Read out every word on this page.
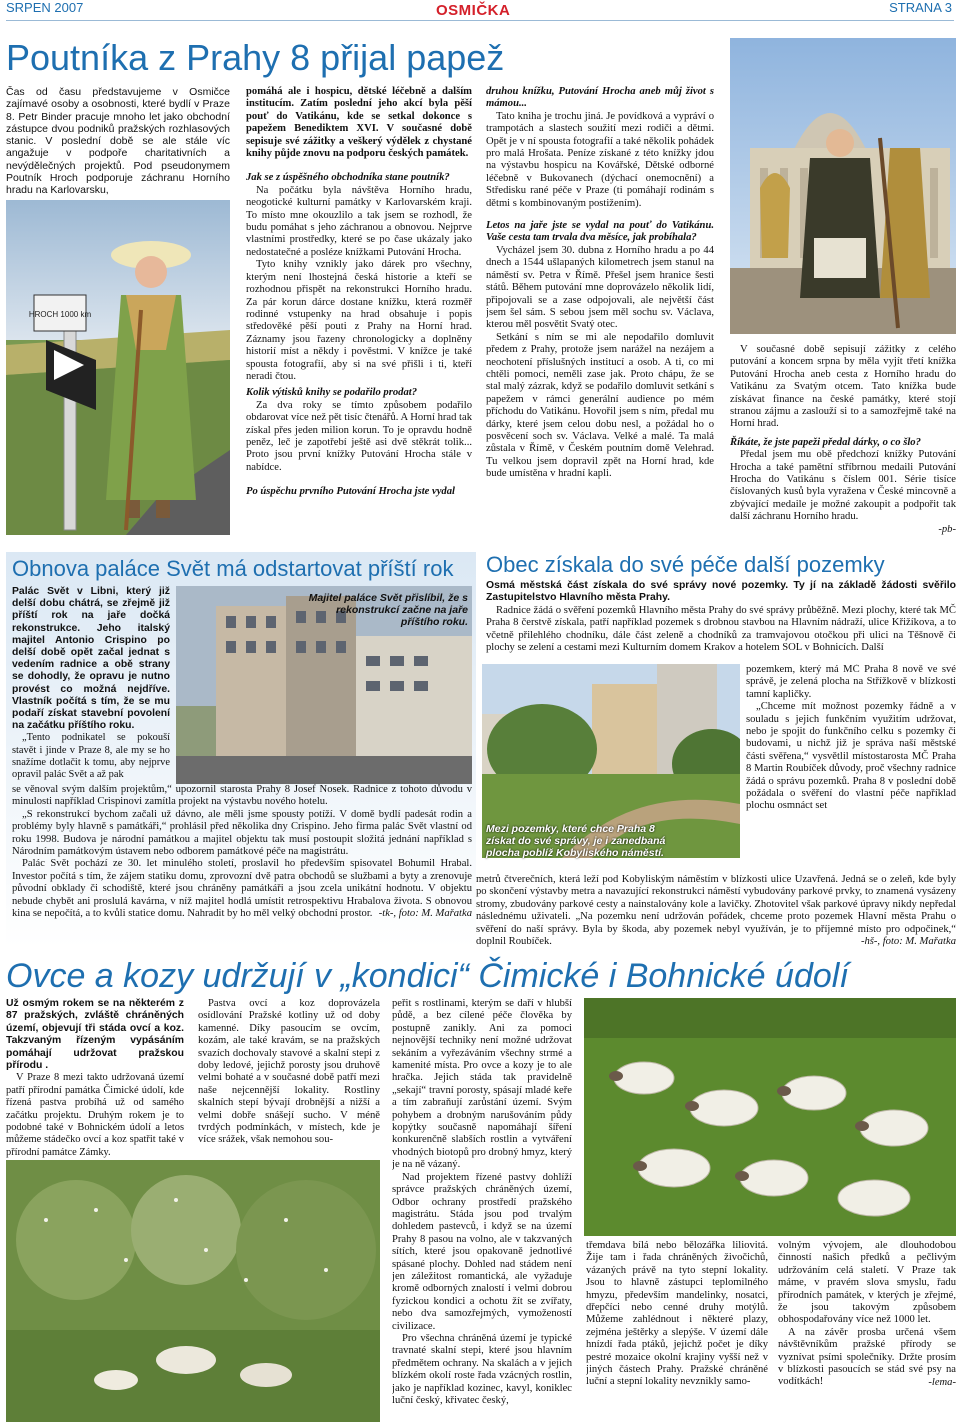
SRPEN 2007	OSMIČKA	STRANA 3
Poutníka z Prahy 8 přijal papež

Čas od času představujeme v Osmičce zajímavé osoby a osobnosti, které bydlí v Praze 8. Petr Binder pracuje mnoho let jako obchodní zástupce dvou podniků pražských rozhlasových stanic. V poslední době se ale stále víc angažuje v podpoře charitativních a nevýdělečných projektů. Pod pseudonymem Poutník Hroch podporuje záchranu Horního hradu na Karlovarsku,

HROCH 1000 km

pomáhá ale i hospicu, dětské léčebně a dalším institucím. Zatím poslední jeho akcí byla pěší pouť do Vatikánu, kde se setkal dokonce s papežem Benediktem XVI. V současné době sepisuje své zážitky a veškerý výdělek z chystané knihy půjde znovu na podporu českých památek.

Jak se z úspěšného obchodníka stane poutník?

Na počátku byla návštěva Horního hradu, neogotické kulturní památky v Karlovarském kraji. To místo mne okouzlilo a tak jsem se rozhodl, že budu pomáhat s jeho záchranou a obnovou. Nejprve vlastními prostředky, které se po čase ukázaly jako nedostatečné a posléze knížkami Putování Hrocha.

Tyto knihy vznikly jako dárek pro všechny, kterým není lhostejná česká historie a kteří se rozhodnou přispět na rekonstrukci Horního hradu. Za pár korun dárce dostane knížku, která rozměř rodinné vstupenky na hrad obsahuje i popis středověké pěší pouti z Prahy na Horní hrad. Záznamy jsou řazeny chronologicky a doplněny historií míst a někdy i pověstmi. V knížce je také spousta fotografií, aby si na své přišli i ti, kteří neradi čtou.

Kolik výtisků knihy se podařilo prodat?

Za dva roky se tímto způsobem podařilo obdarovat více než pět tisíc čtenářů. A Horní hrad tak získal přes jeden milion korun. To je opravdu hodně peněz, leč je zapotřebí ještě asi dvě stěkrát tolik... Proto jsou první knížky Putování Hrocha stále v nabídce.

Po úspěchu prvního Putování Hrocha jste vydal

druhou knížku, Putování Hrocha aneb můj život s mámou...

Tato kniha je trochu jiná. Je povídková a vypráví o trampotách a slastech soužití mezi rodiči a dětmi. Opět je v ní spousta fotografií a také několik pohádek pro malá Hrošata. Peníze získané z této knížky jdou na výstavbu hospicu na Kovářské, Dětské odborné léčebně v Bukovanech (dýchací onemocnění) a Středisku rané péče v Praze (ti pomáhají rodinám s dětmi s kombinovaným postižením).

Letos na jaře jste se vydal na pouť do Vatikánu. Vaše cesta tam trvala dva měsíce, jak probíhala?

Vycházel jsem 30. dubna z Horního hradu a po 44 dnech a 1544 ušlapaných kilometrech jsem stanul na náměstí sv. Petra v Římě. Přešel jsem hranice šesti států. Během putování mne doprovázelo několik lidí, připojovali se a zase odpojovali, ale největší část jsem šel sám. S sebou jsem měl sochu sv. Václava, kterou měl posvětit Svatý otec.

Setkání s ním se mi ale nepodařilo domluvit předem z Prahy, protože jsem narážel na nezájem a neochotení příslušných institucí a osob. A ti, co mi chtěli pomoci, neměli zase jak. Proto chápu, že se stal malý zázrak, když se podařilo domluvit setkání s papežem v rámci generální audience po mém příchodu do Vatikánu. Hovořil jsem s ním, předal mu dárky, které jsem celou dobu nesl, a požádal ho o posvěcení soch sv. Václava. Velké a malé. Ta malá zůstala v Římě, v Českém poutním domě Velehrad. Tu velkou jsem dopravil zpět na Horní hrad, kde bude umístěna v hradní kapli.

V současné době sepisují zážitky z celého putování a koncem srpna by měla vyjít třetí knížka Putování Hrocha aneb cesta z Horního hradu do Vatikánu za Svatým otcem. Tato knížka bude získávat finance na české památky, které stojí stranou zájmu a zaslouží si to a samozřejmě také na Horní hrad.

Říkáte, že jste papeži předal dárky, o co šlo?

Předal jsem mu obě předchozí knížky Putování Hrocha a také pamětní stříbrnou medaili Putování Hrocha do Vatikánu s číslem 001. Série tisíce číslovaných kusů byla vyražena v České mincovně a zbývající medaile je možné zakoupit a podpořit tak další záchranu Horního hradu.

-pb-

Obnova paláce Svět má odstartovat příští rok

Palác Svět v Libni, který již delší dobu chátrá, se zřejmě již příští rok na jaře dočká rekonstrukce. Jeho italský majitel Antonio Crispino po delší době opět začal jednat s vedením radnice a obě strany se dohodly, že opravu je nutno provést co možná nejdříve. Vlastník počítá s tím, že se mu podaří získat stavební povolení na začátku příštího roku.

„Tento podnikatel se pokouší stavět i jinde v Praze 8, ale my se ho snažíme dotlačit k tomu, aby nejprve opravil palác Svět a až pak

Majitel paláce Svět přislíbil, že s rekonstrukcí začne na jaře příštího roku.

se věnoval svým dalším projektům,“ upozornil starosta Prahy 8 Josef Nosek. Radnice z tohoto důvodu v minulosti například Crispinovi zamítla projekt na výstavbu nového hotelu.

„S rekonstrukcí bychom začali už dávno, ale měli jsme spousty potíží. V domě bydlí padesát rodin a problémy byly hlavně s památkáři,“ prohlásil před několika dny Crispino. Jeho firma palác Svět vlastní od roku 1998. Budova je národní památkou a majitel objektu tak musí postoupit složitá jednání například s Národním památkovým ústavem nebo odborem památkové péče na magistrátu.

Palác Svět pochází ze 30. let minulého století, proslavil ho především spisovatel Bohumil Hrabal. Investor počítá s tím, že zájem statiku domu, zprovozní dvě patra obchodů se službami a byty a zrenovuje původní obklady či schodiště, které jsou chráněny památkáři a jsou zcela unikátní hodnotu. V objektu nebude chybět ani proslulá kavárna, v níž majitel hodlá umístit retrospektivu Hrabalova života. S obnovou kina se nepočítá, a to kvůli statice domu. Nahradit by ho měl velký obchodní prostor. -tk-, foto: M. Mařatka

Obec získala do své péče další pozemky

Osmá městská část získala do své správy nové pozemky. Ty jí na základě žádosti svěřilo Zastupitelstvo Hlavního města Prahy.

Radnice žádá o svěření pozemků Hlavního města Prahy do své správy průběžně. Mezi plochy, které tak MČ Praha 8 čerstvě získala, patří například pozemek s drobnou stavbou na Hlavním nádraží, ulice Křižíkova, a to včetně přilehlého chodníku, dále část zeleně a chodníků za tramvajovou otočkou při ulici na Těšnově či plochy se zelení a cestami mezi Kulturním domem Krakov a hotelem SOL v Bohnicích. Další

Mezi pozemky, které chce Praha 8 získat do své správy, je i zanedbaná plocha poblíž Kobyliského náměstí.

pozemkem, který má MČ Praha 8 nově ve své správě, je zelená plocha na Střížkově v blízkosti tamní kapličky.

„Chceme mít možnost pozemky řádně a v souladu s jejich funkčním využitím udržovat, nebo je spojit do funkčního celku s pozemky či budovami, u nichž již je správa naší městské části svěřena,“ vysvětlil místostarosta MČ Praha 8 Martin Roubíček důvody, proč všechny radnice žádá o správu pozemků. Praha 8 v poslední době požádala o svěření do vlastní péče například plochu osmnáct set

metrů čtverečních, která leží pod Kobyliským náměstím v blízkosti ulice Uzavřená. Jedná se o zeleň, kde byly po skončení výstavby metra a navazující rekonstrukci náměstí vybudovány parkové prvky, to znamená vysázeny stromy, zbudovány parkové cesty a nainstalovány kole a lavičky. Zhotovitel však parkové úpravy nikdy nepředal následnému uživateli. „Na pozemku není udržován pořádek, chceme proto pozemek Hlavní města Prahu o svěření do naší správy. Byla by škoda, aby pozemek nebyl využíván, je to příjemné místo pro odpočinek,“ doplnil Roubíček.	-hš-, foto: M. Mařatka

Ovce a kozy udržují v „kondici“ Čimické i Bohnické údolí

Už osmým rokem se na některém z 87 pražských, zvláště chráněných území, objevují tři stáda ovcí a koz. Takzvaným řízeným vypásáním pomáhají udržovat pražskou přírodu .

V Praze 8 mezi takto udržovaná území patří přírodní památka Čimické údolí, kde řízená pastva probíhá už od samého začátku projektu. Druhým rokem je to podobné také v Bohnickém údolí a letos můžeme stádečko ovcí a koz spatřit také v přírodní památce Zámky.

Pastva ovcí a koz doprovázela osídlování Pražské kotliny už od doby kamenné. Díky pasoucím se ovcím, kozám, ale také kravám, se na pražských svazích dochovaly stavové a skalní stepi z doby ledové, jejichž porosty jsou druhově velmi bohaté a v současné době patří mezi naše nejcennější lokality. Rostliny skalních stepí bývají drobnější a nižší a velmi dobře snášejí sucho. V méně tvrdých podmínkách, v místech, kde je více srážek, však nemohou sou-

peřit s rostlinami, kterým se daří v hlubší půdě, a bez cílené péče člověka by postupně zanikly. Ani za pomoci nejnovější techniky není možné udržovat sekáním a vyřezáváním všechny strmé a kamenité místa. Pro ovce a kozy je to ale hračka. Jejich stáda tak pravidelně „sekají“ travní porosty, spásají mladé keře a tím zabraňují zarůstání území. Svým pohybem a drobným narušováním půdy kopýtky současně napomáhají šíření konkurenčně slabších rostlin a vytváření vhodných biotopů pro drobný hmyz, který je na ně vázaný.

Nad projektem řízené pastvy dohlíží správce pražských chráněných území, Odbor ochrany prostředí pražského magistrátu. Stáda jsou pod trvalým dohledem pastevců, i když se na území Prahy 8 pasou na volno, ale v takzvaných sítích, které jsou opakovaně jednotlivé spásané plochy. Dohled nad stádem není jen záležitost romantická, ale vyžaduje kromě odborných znalostí i velmi dobrou fyzickou kondici a ochotu žít se zvířaty, nebo dva samozřejmých, vymožeností civilizace.

Pro všechna chráněná území je typické travnaté skalní stepi, které jsou hlavním předmětem ochrany. Na skalách a v jejich blízkém okolí roste řada vzácných rostlin, jako je například kozinec, kavyl, koniklec luční český, křivatec český,

třemdava bílá nebo bělozářka liliovitá. Žije tam i řada chráněných živočichů, vázaných právě na tyto stepní lokality. Jsou to hlavně zástupci teplomilného hmyzu, především mandelinky, nosatci, dřepčíci nebo cenné druhy motýlů. Můžeme zahlédnout i některé plazy, zejména ještěrky a slepýše. V území dále hnízdí řada ptáků, jejichž počet je díky pestré mozaice okolní krajiny vyšší než v jiných částech Prahy. Pražské chráněné luční a stepní lokality nevznikly samo-

volným vývojem, ale dlouhodobou činností našich předků a pečlivým udržováním celá staletí. V Praze tak máme, v pravém slova smyslu, řadu přírodních památek, v kterých je zřejmé, že jsou takovým způsobem obhospodařovány více než 1000 let.

A na závěr prosba určená všem návštěvníkům pražské přírody se vyznívat psími společníky. Držte prosím v blízkosti pasoucích se stád své psy na vodítkách!	-lema-
